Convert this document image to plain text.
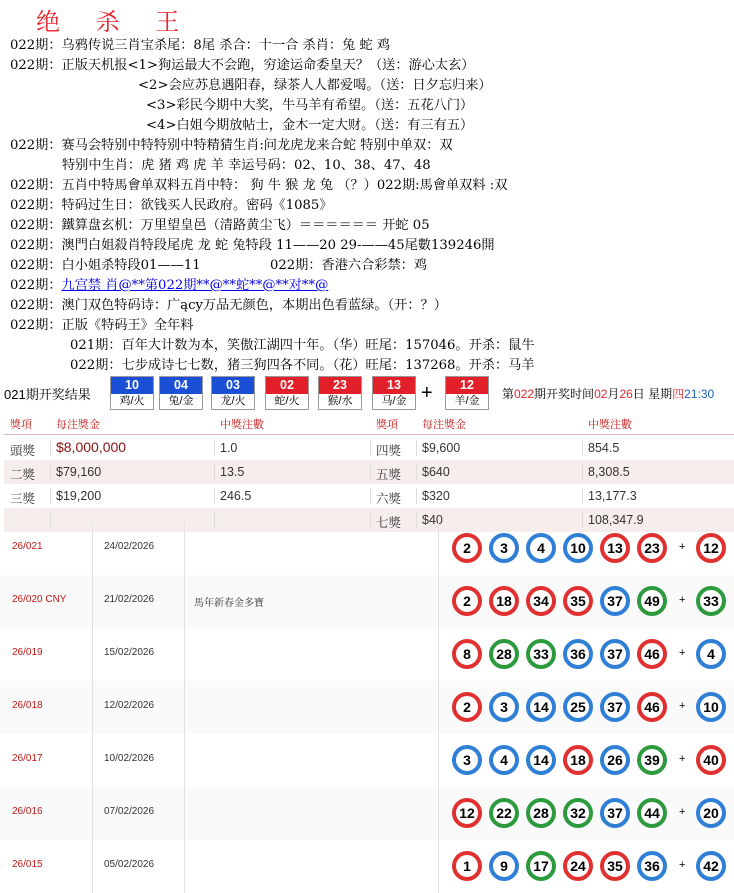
绝 杀 王
022期：乌鸦传说三肖宝杀尾：8尾 杀合：十一合 杀肖：兔 蛇 鸡
022期：正版天机报<1>狗运最大不会跑，穷途运命委皇天？（送：游心太玄）
<2>会应苏息遇阳春，绿茶人人都爱喝。（送：日夕忘归来）
<3>彩民今期中大奖，牛马羊有希望。（送：五花八门）
<4>白姐今期放帖士，金木一定大财。（送：有三有五）
022期：赛马会特别中特特别中特精猜生肖:问龙虎龙来合蛇 特别中单双：双
特别中生肖：虎 猪 鸡 虎 羊 幸运号码：02、10、38、47、48
022期：五肖中特馬會单双料五肖中特： 狗 牛 猴 龙 兔 （？）022期:馬會单双料 :双
022期：特码过生日：欲钱买人民政府。密码《1085》
022期：鐵算盘玄机：万里望皇邑（清路黄尘飞）＝＝＝＝＝＝ 开蛇 05
022期：澳門白姐殺肖特段尾虎 龙 蛇 兔特段 11——20 29-——45尾數139246開
022期：白小姐杀特段01——11	022期：香港六合彩禁：鸡
022期：九宫禁 肖@**第022期**@**蛇**@**对**@
022期：澳门双色特码诗：广ący万品无颜色，本期出色看蓝绿。（开：？）
022期：正版《特码王》全年料
021期：百年大计数为本，笑傲江湖四十年。（华）旺尾：157046。开杀：鼠牛
022期：七步成诗七七数，猪三狗四各不同。（花）旺尾：137268。开杀：马羊
021期开奖结果
10
鸡/火
04
兔/金
03
龙/火
02
蛇/火
23
猴/水
13
马/金
12
羊/金
+	第022期开奖时间02月26日 星期四21:30
獎項 每注獎金	中獎注數	獎項 每注獎金	中獎注數
頭獎 $8,000,000	1.0	四獎 $9,600	854.5
二獎 $79,160	13.5	五獎 $640	8,308.5
三獎 $19,200	246.5	六獎 $320	13,177.3
七獎 $40	108,347.9
26/021	24/02/2026	2	3	4	10	13	23	+	12
26/020 CNY	21/02/2026	馬年新春金多寶	2	18	34	35	37	49	+	33
26/019	15/02/2026	8	28	33	36	37	46	+	4
26/018	12/02/2026	2	3	14	25	37	46	+	10
26/017	10/02/2026	3	4	14	18	26	39	+	40
26/016	07/02/2026	12	22	28	32	37	44	+	20
26/015	05/02/2026	1	9	17	24	35	36	+	42
